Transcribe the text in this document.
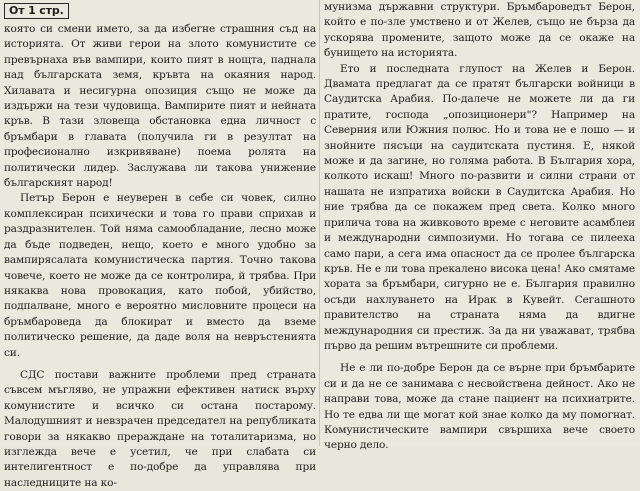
От 1 стр.

която си смени името, за да избегне страшния съд на историята. От живи герои на злото комунистите се превърнаха във вампири, които пият в нощта, паднала над българската земя, кръвта на окаяния народ. Хилавата и несигурна опозиция също не може да издържи на тези чудовища. Вампирите пият и нейната кръв. В тази зловеща обстановка една личност с бръмбари в главата (получила ги в резултат на професионално изкривяване) поема ролята на политически лидер. Заслужава ли такова унижение българският народ!

Петър Берон е неуверен в себе си човек, силно комплексиран психически и това го прави сприхав и раздразнителен. Той няма самообладание, лесно може да бъде подведен, нещо, което е много удобно за вампирясалата комунистическа партия. Точно такова човече, което не може да се контролира, й трябва. При някаква нова провокация, като побой, убийство, подпалване, много е вероятно мисловните процеси на бръмбароведа да блокират и вместо да вземе политическо решение, да даде воля на невръстенията си.

СДС постави важните проблеми пред страната съвсем мъгляво, не упражни ефективен натиск върху комунистите и всичко си остана постарому. Малодушният и невзрачен председател на републиката говори за някакво прераждане на тоталитаризма, но изглежда вече е усетил, че при слабата си интелигентност е по-добре да управлява при наследниците на ко-

мунизма държавни структури. Бръмбароведът Берон, който е по-зле умствено и от Желев, също не бърза да ускорява промените, защото може да се окаже на бунището на историята.

Ето и последната глупост на Желев и Берон. Двамата предлагат да се пратят български войници в Саудитска Арабия. По-далече не можете ли да ги пратите, господа „опозиционери"? Например на Северния или Южния полюс. Но и това не е лошо — и знойните пясъци на саудитската пустиня. Е, някой може и да загине, но голяма работа. В България хора, колкото искаш! Много по-развити и силни страни от нашата не изпратиха войски в Саудитска Арабия. Но ние трябва да се покажем пред света. Колко много прилича това на живковото време с неговите асамблеи и международни симпозиуми. Но тогава се пилееха само пари, а сега има опасност да се пролее българска кръв. Не е ли това прекалено висока цена! Ако смятаме хората за бръмбари, сигурно не е. България правилно осъди нахлуването на Ирак в Кувейт. Сегашното правителство на страната няма да вдигне международния си престиж. За да ни уважават, трябва първо да решим вътрешните си проблеми.

Не е ли по-добре Берон да се върне при бръмбарите си и да не се занимава с несвойствена дейност. Ако не направи това, може да стане пациент на психиатрите. Но те едва ли ще могат кой знае колко да му помогнат. Комунистическите вампири свършиха вече своето черно дело.
